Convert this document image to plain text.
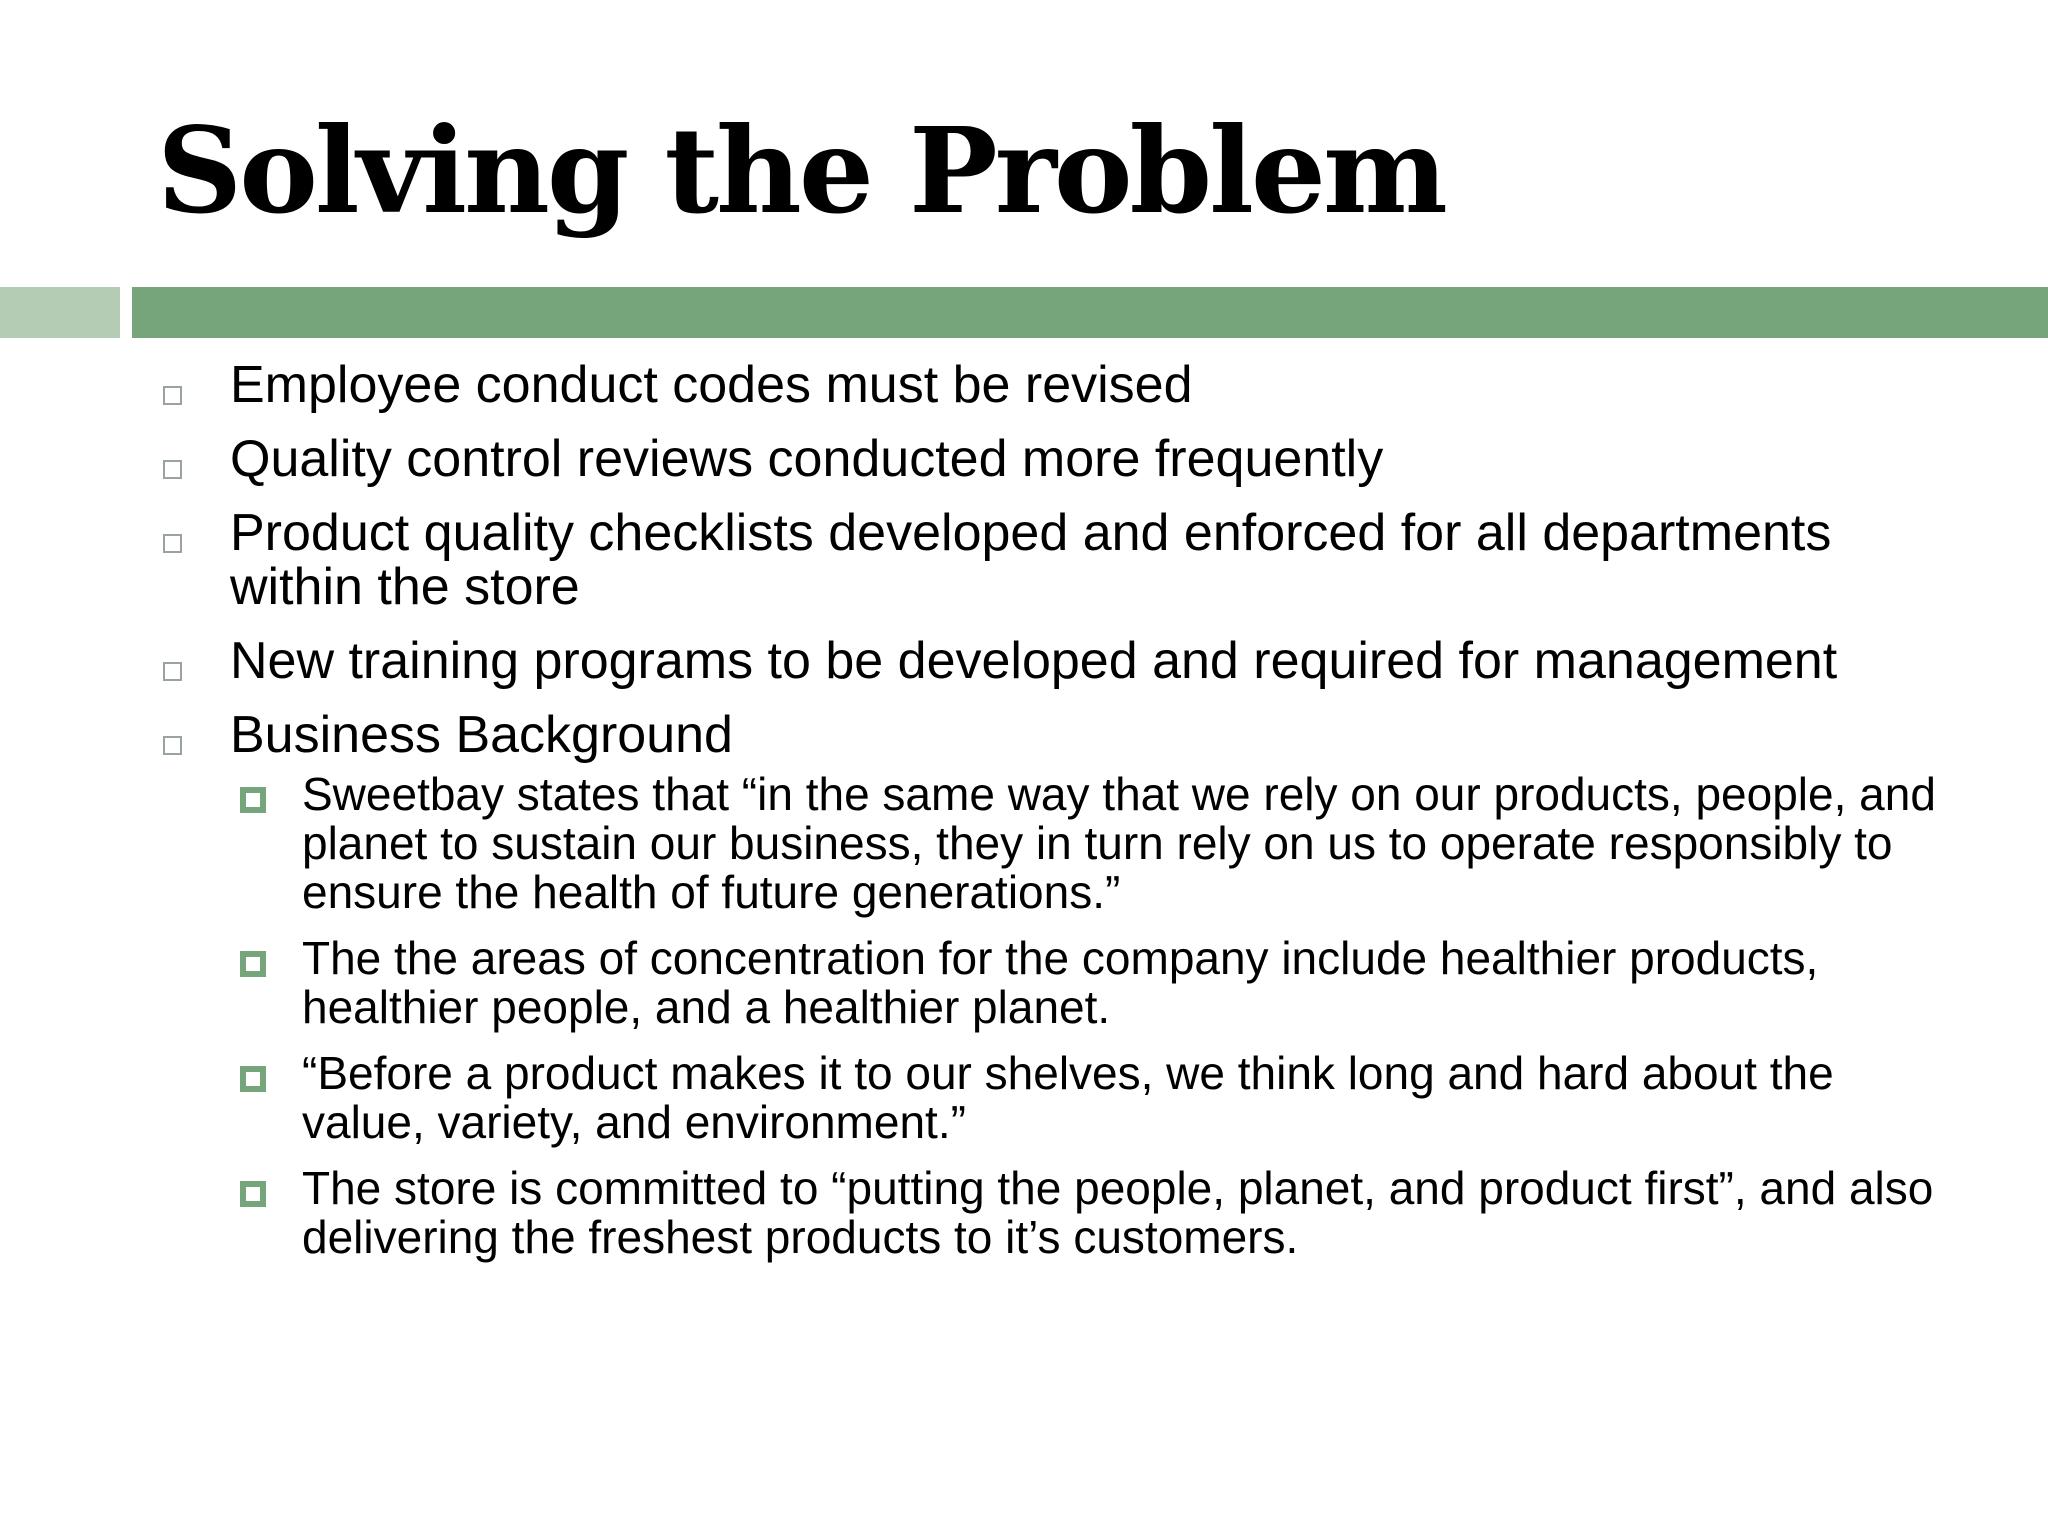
Solving the Problem
Employee conduct codes must be revised
Quality control reviews conducted more frequently
Product quality checklists developed and enforced for all departments within the store
New training programs to be developed and required for management
Business Background
Sweetbay states that “in the same way that we rely on our products, people, and planet to sustain our business, they in turn rely on us to operate responsibly to ensure the health of future generations.”
The the areas of concentration for the company include healthier products, healthier people, and a healthier planet.
“Before a product makes it to our shelves, we think long and hard about the value, variety, and environment.”
The store is committed to “putting the people, planet, and product first”, and also delivering the freshest products to it’s customers.
